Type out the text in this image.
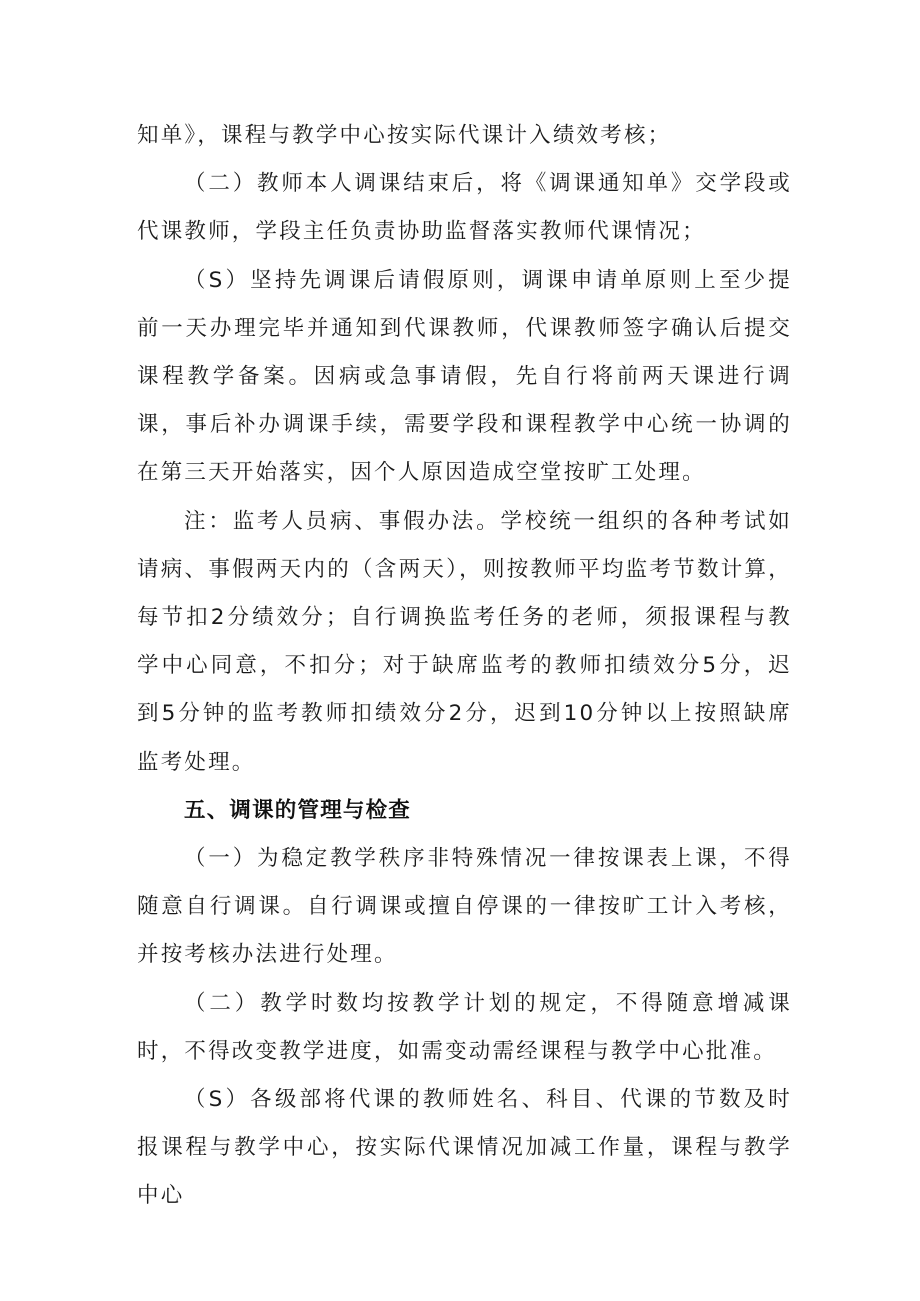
知单》，课程与教学中心按实际代课计入绩效考核；

（二）教师本人调课结束后，将《调课通知单》交学段或代课教师，学段主任负责协助监督落实教师代课情况；

（S）坚持先调课后请假原则，调课申请单原则上至少提前一天办理完毕并通知到代课教师，代课教师签字确认后提交课程教学备案。因病或急事请假，先自行将前两天课进行调课，事后补办调课手续，需要学段和课程教学中心统一协调的在第三天开始落实，因个人原因造成空堂按旷工处理。

注：监考人员病、事假办法。学校统一组织的各种考试如请病、事假两天内的（含两天），则按教师平均监考节数计算，每节扣2分绩效分；自行调换监考任务的老师，须报课程与教学中心同意，不扣分；对于缺席监考的教师扣绩效分5分，迟到5分钟的监考教师扣绩效分2分，迟到10分钟以上按照缺席监考处理。

五、调课的管理与检查

（一）为稳定教学秩序非特殊情况一律按课表上课，不得随意自行调课。自行调课或擅自停课的一律按旷工计入考核，并按考核办法进行处理。

（二）教学时数均按教学计划的规定，不得随意增减课时，不得改变教学进度，如需变动需经课程与教学中心批准。

（S）各级部将代课的教师姓名、科目、代课的节数及时报课程与教学中心，按实际代课情况加减工作量，课程与教学中心
